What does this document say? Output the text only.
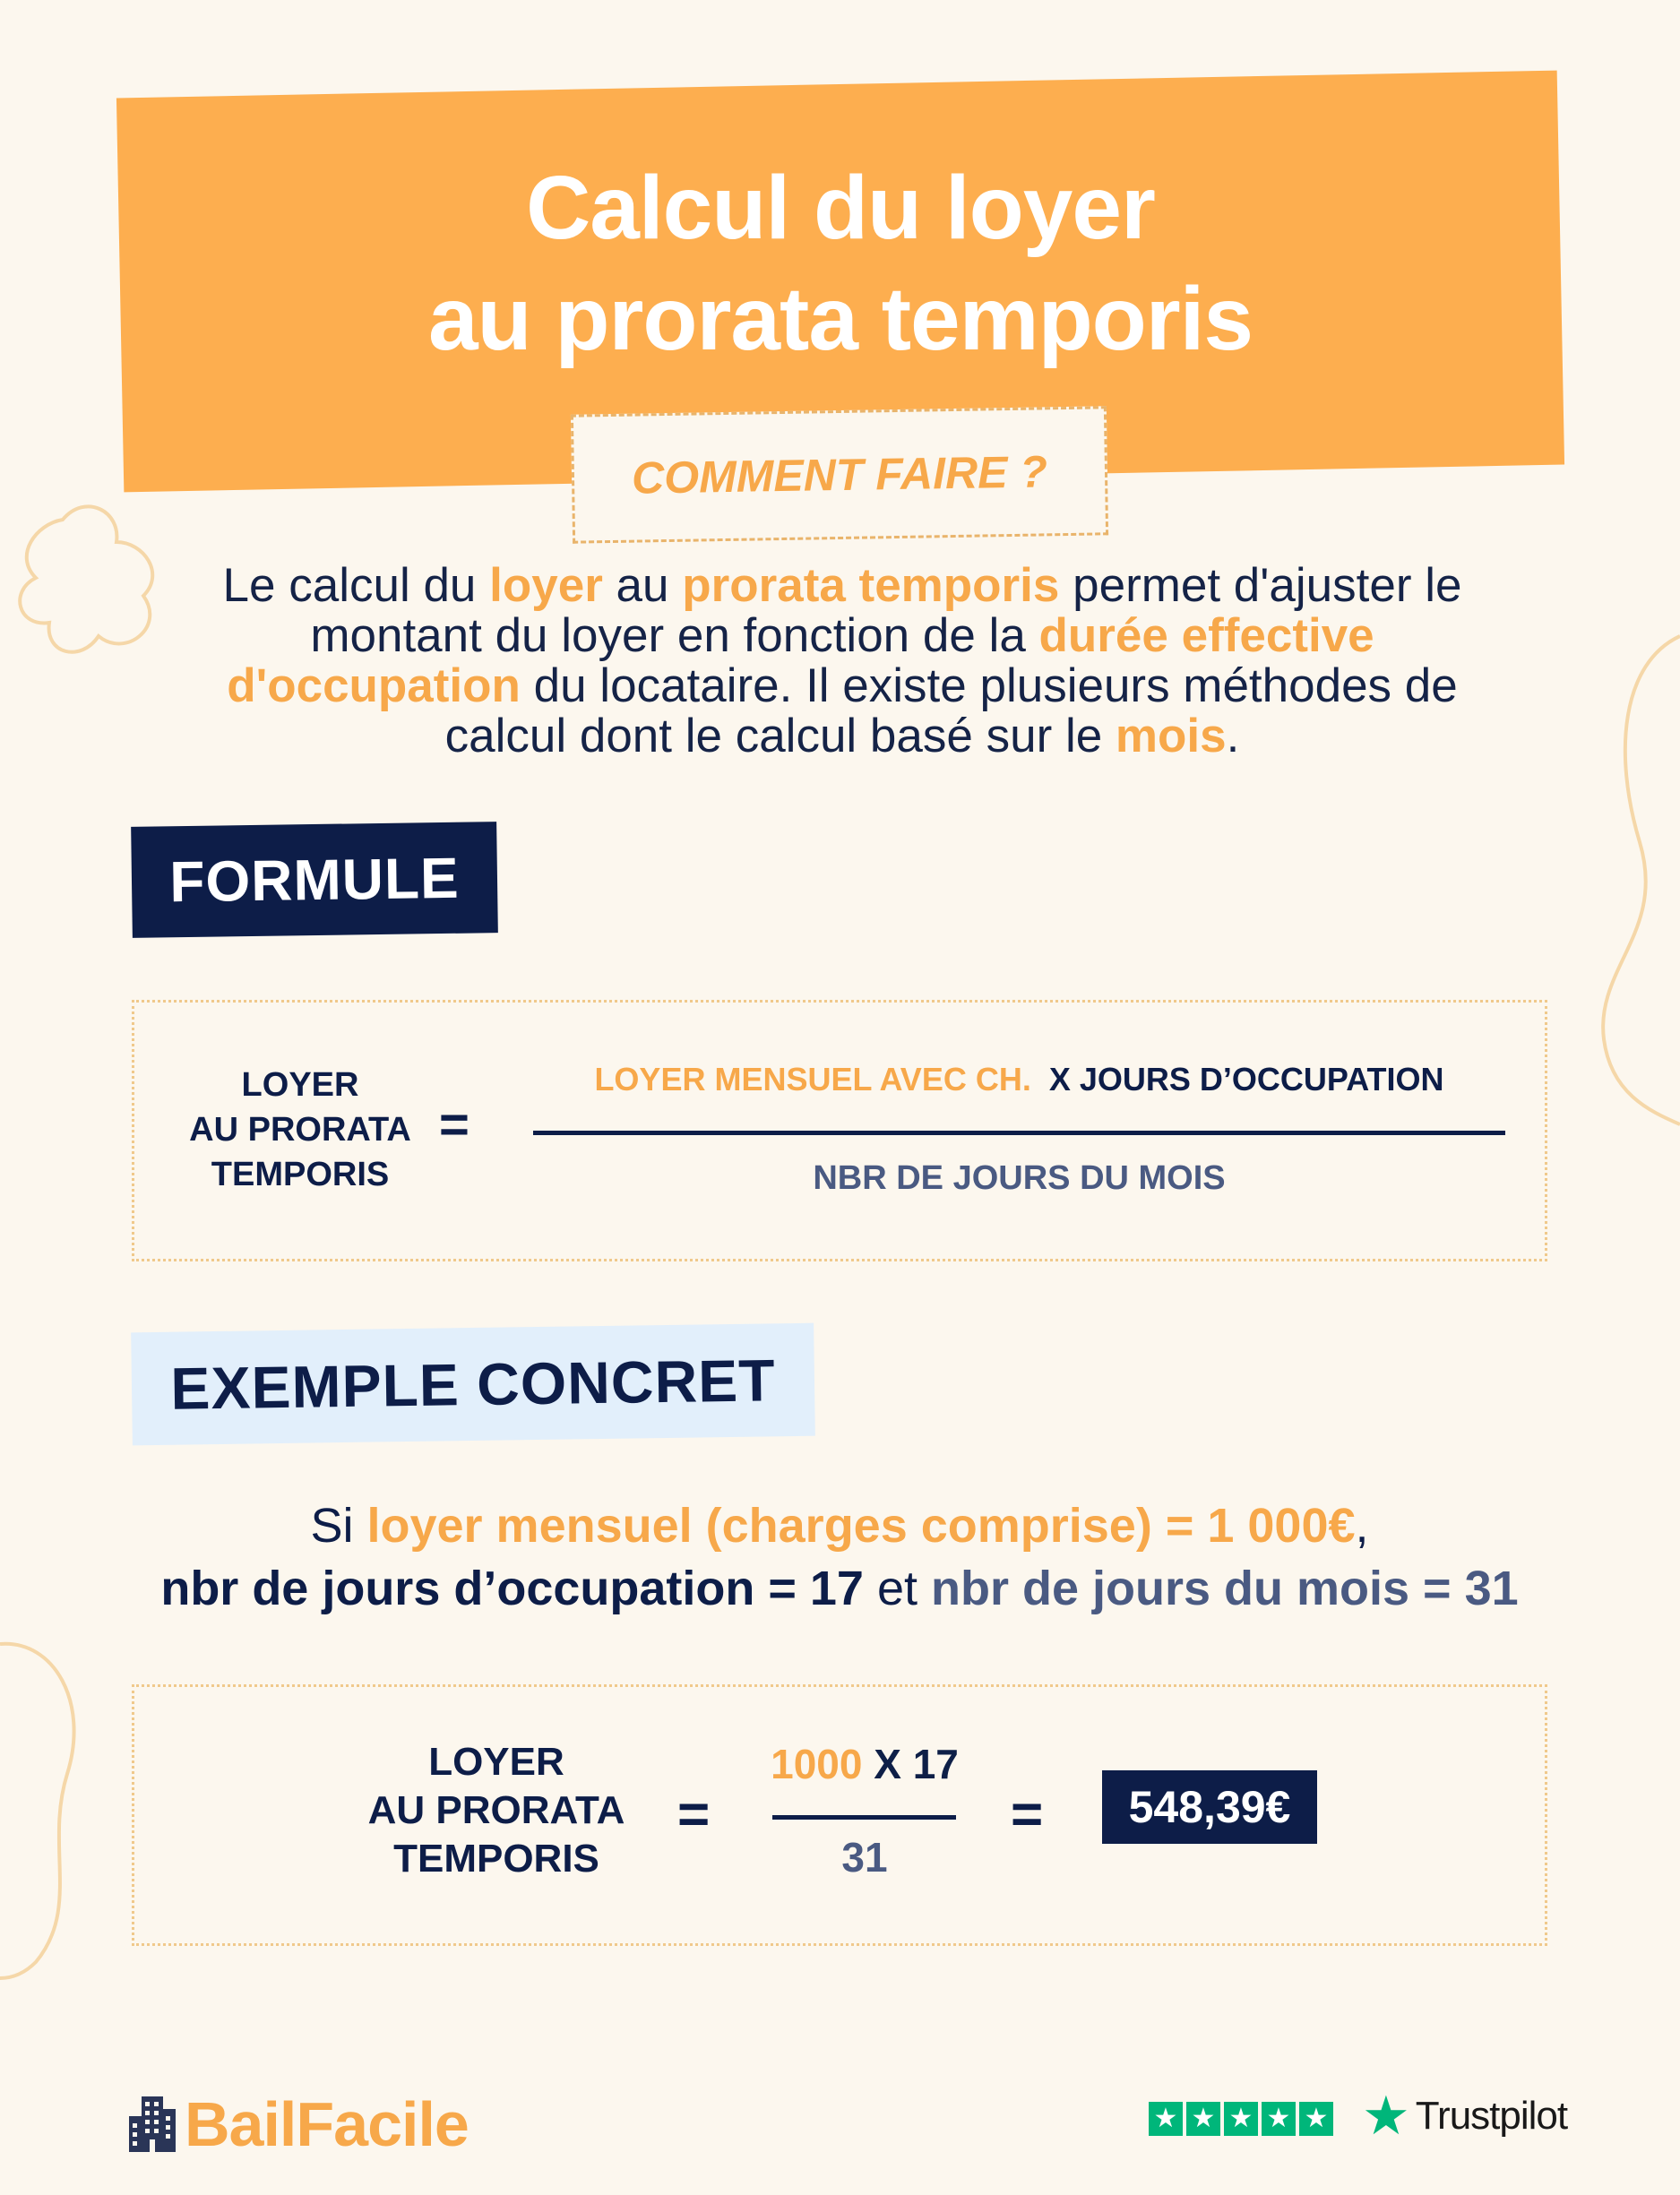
Calcul du loyer
au prorata temporis
COMMENT FAIRE ?
Le calcul du loyer au prorata temporis permet d'ajuster le montant du loyer en fonction de la durée effective d'occupation du locataire. Il existe plusieurs méthodes de calcul dont le calcul basé sur le mois.
FORMULE
LOYER
AU PRORATA
TEMPORIS
=
LOYER MENSUEL AVEC CH. X JOURS D’OCCUPATION
NBR DE JOURS DU MOIS
EXEMPLE CONCRET
Si loyer mensuel (charges comprise) = 1 000€,
nbr de jours d’occupation = 17 et nbr de jours du mois = 31
LOYER
AU PRORATA
TEMPORIS
=
1000 X 17
31
= 548,39€
BailFacile	★ ★ ★ ★ ★ ★ Trustpilot
